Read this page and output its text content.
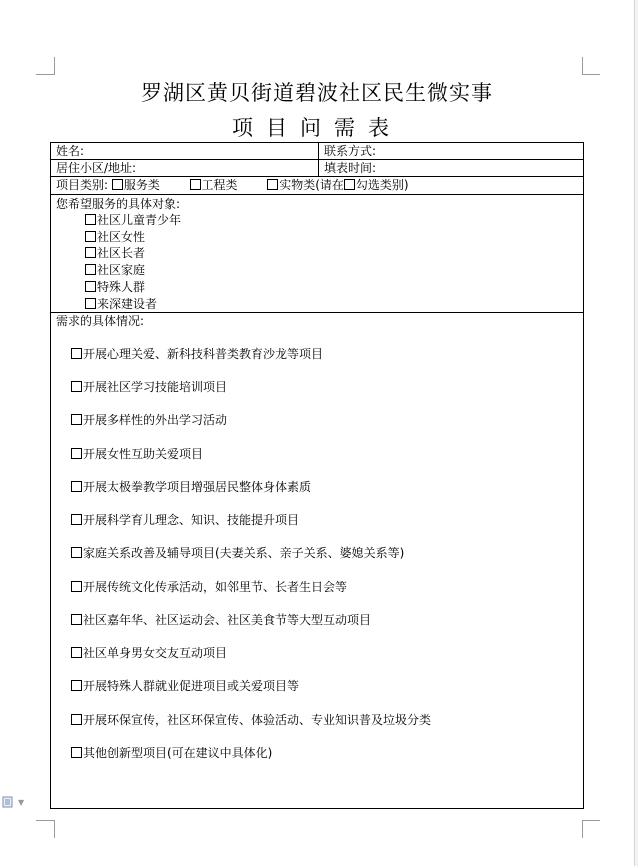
罗湖区黄贝街道碧波社区民生微实事
项目问需表
姓名:	联系方式:
居住小区/地址:	填表时间:
项目类别: 服务类	工程类	实物类(请在 勾选类别)
您希望服务的具体对象:
社区儿童青少年
社区女性
社区长者
社区家庭
特殊人群
来深建设者
需求的具体情况:
开展心理关爱、新科技科普类教育沙龙等项目
开展社区学习技能培训项目
开展多样性的外出学习活动
开展女性互助关爱项目
开展太极拳教学项目增强居民整体身体素质
开展科学育儿理念、知识、技能提升项目
家庭关系改善及辅导项目(夫妻关系、亲子关系、婆媳关系等)
开展传统文化传承活动，如邻里节、长者生日会等
社区嘉年华、社区运动会、社区美食节等大型互动项目
社区单身男女交友互动项目
开展特殊人群就业促进项目或关爱项目等
开展环保宣传，社区环保宣传、体验活动、专业知识普及垃圾分类
其他创新型项目(可在建议中具体化)
▼
